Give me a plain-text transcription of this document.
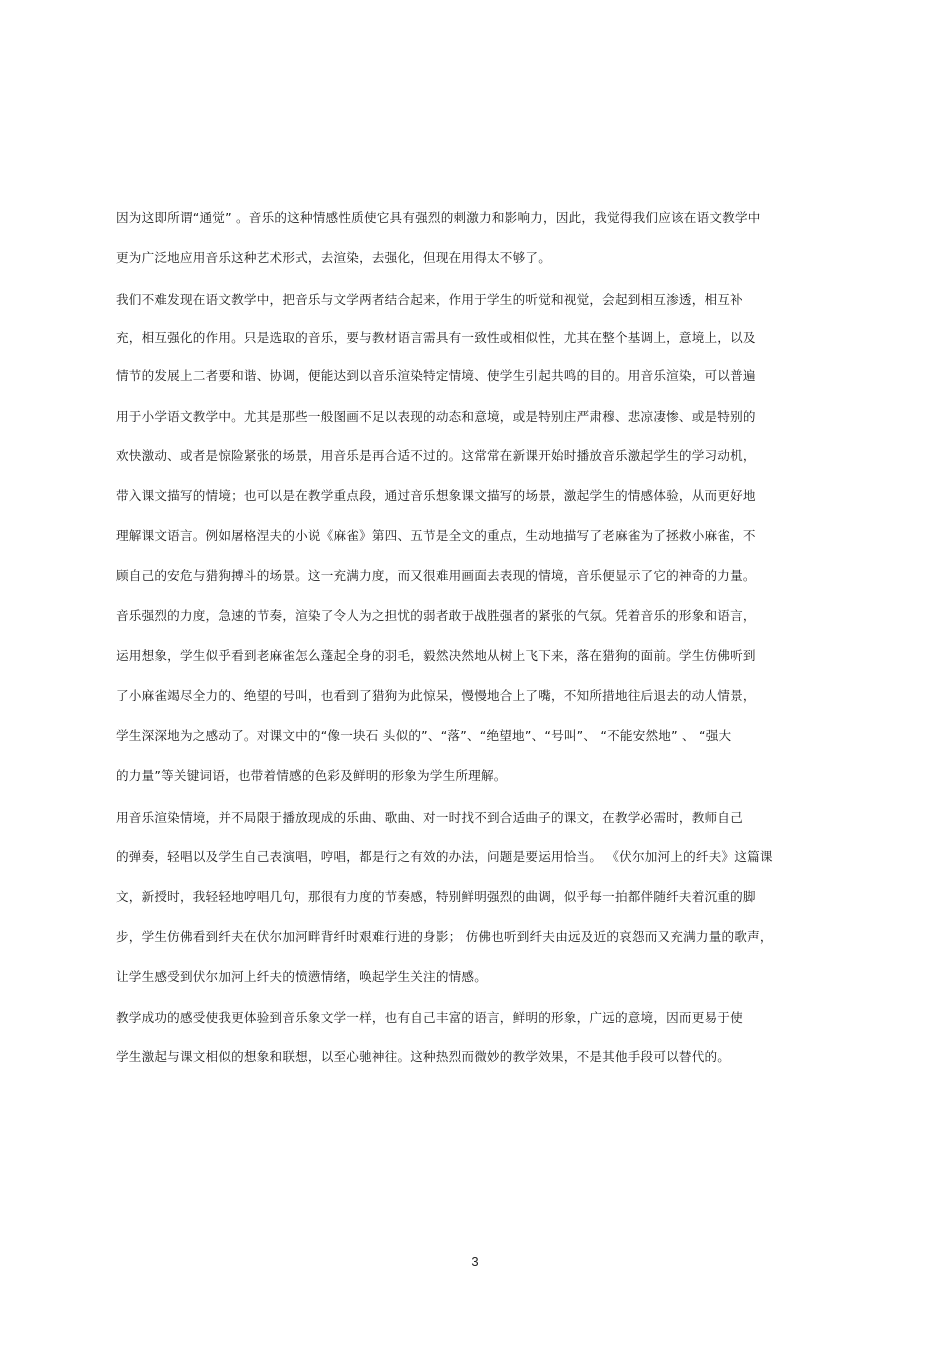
因为这即所谓“通觉” 。音乐的这种情感性质使它具有强烈的刺激力和影响力，因此，我觉得我们应该在语文教学中
更为广泛地应用音乐这种艺术形式，去渲染，去强化，但现在用得太不够了。
我们不难发现在语文教学中，把音乐与文学两者结合起来，作用于学生的听觉和视觉，会起到相互渗透，相互补
充，相互强化的作用。只是选取的音乐，要与教材语言需具有一致性或相似性，尤其在整个基调上，意境上，以及
情节的发展上二者要和谐、协调，便能达到以音乐渲染特定情境、使学生引起共鸣的目的。用音乐渲染，可以普遍
用于小学语文教学中。尤其是那些一般图画不足以表现的动态和意境，或是特别庄严肃穆、悲凉凄惨、或是特别的
欢快激动、或者是惊险紧张的场景，用音乐是再合适不过的。这常常在新课开始时播放音乐激起学生的学习动机，
带入课文描写的情境；也可以是在教学重点段，通过音乐想象课文描写的场景，激起学生的情感体验，从而更好地
理解课文语言。例如屠格涅夫的小说《麻雀》第四、五节是全文的重点，生动地描写了老麻雀为了拯救小麻雀，不
顾自己的安危与猎狗搏斗的场景。这一充满力度，而又很难用画面去表现的情境，音乐便显示了它的神奇的力量。
音乐强烈的力度，急速的节奏，渲染了令人为之担忧的弱者敢于战胜强者的紧张的气氛。凭着音乐的形象和语言，
运用想象，学生似乎看到老麻雀怎么蓬起全身的羽毛，毅然决然地从树上飞下来，落在猎狗的面前。学生仿佛听到
了小麻雀竭尽全力的、绝望的号叫，也看到了猎狗为此惊呆，慢慢地合上了嘴，不知所措地往后退去的动人情景，
学生深深地为之感动了。对课文中的“像一块石 头似的”、“落”、“绝望地”、“号叫”、 “不能安然地” 、 “强大
的力量”等关键词语，也带着情感的色彩及鲜明的形象为学生所理解。
用音乐渲染情境，并不局限于播放现成的乐曲、歌曲、对一时找不到合适曲子的课文，在教学必需时，教师自己
的弹奏，轻唱以及学生自己表演唱，哼唱，都是行之有效的办法，问题是要运用恰当。 《伏尔加河上的纤夫》这篇课
文，新授时，我轻轻地哼唱几句，那很有力度的节奏感，特别鲜明强烈的曲调，似乎每一拍都伴随纤夫着沉重的脚
步，学生仿佛看到纤夫在伏尔加河畔背纤时艰难行进的身影； 仿佛也听到纤夫由远及近的哀怨而又充满力量的歌声，
让学生感受到伏尔加河上纤夫的愤懑情绪，唤起学生关注的情感。
教学成功的感受使我更体验到音乐象文学一样，也有自己丰富的语言，鲜明的形象，广远的意境，因而更易于使
学生激起与课文相似的想象和联想，以至心驰神往。这种热烈而微妙的教学效果，不是其他手段可以替代的。
3
